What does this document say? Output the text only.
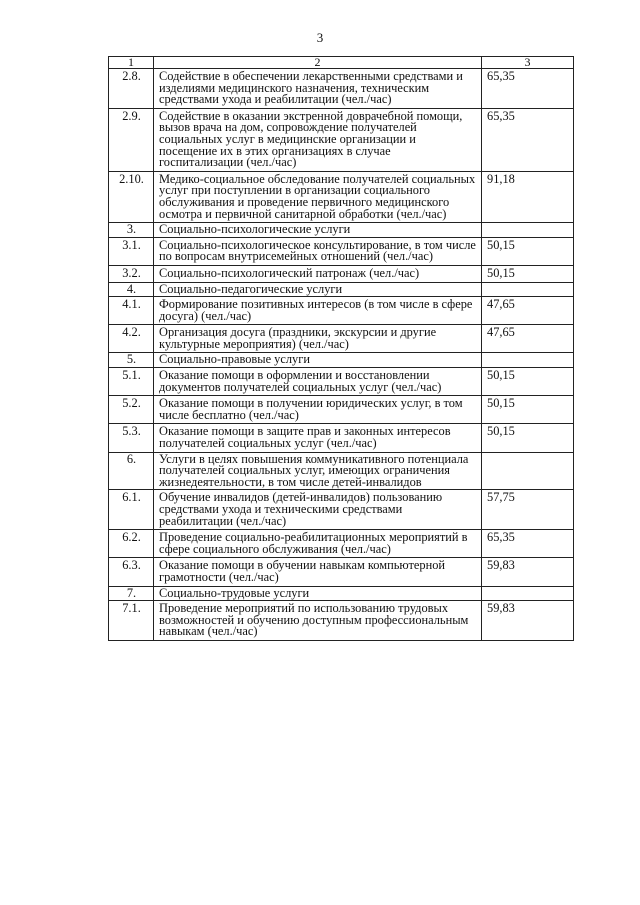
3
1	2	3
2.8.	Содействие в обеспечении лекарственными средствами и изделиями медицинского назначения, техническим средствами ухода и реабилитации (чел./час)	65,35
2.9.	Содействие в оказании экстренной доврачебной помощи, вызов врача на дом, сопровождение получателей социальных услуг в медицинские организации и посещение их в этих организациях в случае госпитализации (чел./час)	65,35
2.10.	Медико-социальное обследование получателей социальных услуг при поступлении в организации социального обслуживания и проведение первичного медицинского осмотра и первичной санитарной обработки (чел./час)	91,18
3.	Социально-психологические услуги	
3.1.	Социально-психологическое консультирование, в том числе по вопросам внутрисемейных отношений (чел./час)	50,15
3.2.	Социально-психологический патронаж (чел./час)	50,15
4.	Социально-педагогические услуги	
4.1.	Формирование позитивных интересов (в том числе в сфере досуга) (чел./час)	47,65
4.2.	Организация досуга (праздники, экскурсии и другие культурные мероприятия) (чел./час)	47,65
5.	Социально-правовые услуги	
5.1.	Оказание помощи в оформлении и восстановлении документов получателей социальных услуг (чел./час)	50,15
5.2.	Оказание помощи в получении юридических услуг, в том числе бесплатно (чел./час)	50,15
5.3.	Оказание помощи в защите прав и законных интересов получателей социальных услуг (чел./час)	50,15
6.	Услуги в целях повышения коммуникативного потенциала получателей социальных услуг, имеющих ограничения жизнедеятельности, в том числе детей-инвалидов	
6.1.	Обучение инвалидов (детей-инвалидов) пользованию средствами ухода и техническими средствами реабилитации (чел./час)	57,75
6.2.	Проведение социально-реабилитационных мероприятий в сфере социального обслуживания (чел./час)	65,35
6.3.	Оказание помощи в обучении навыкам компьютерной грамотности (чел./час)	59,83
7.	Социально-трудовые услуги	
7.1.	Проведение мероприятий по использованию трудовых возможностей и обучению доступным профессиональным навыкам (чел./час)	59,83
